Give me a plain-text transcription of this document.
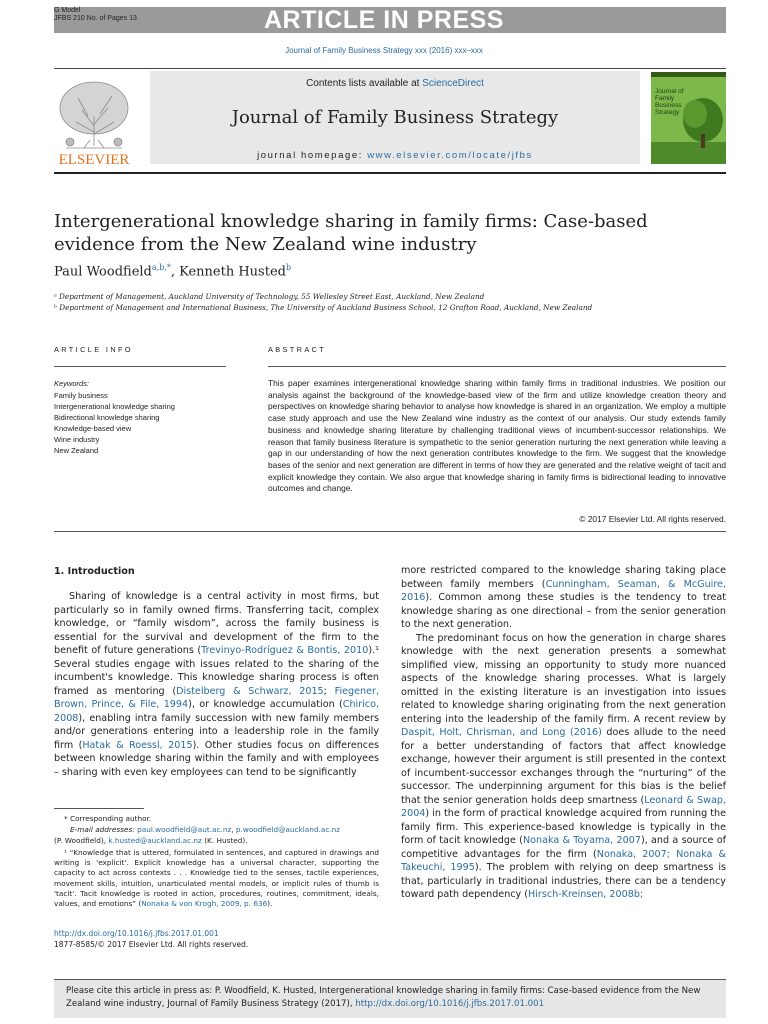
ARTICLE IN PRESS
G Model
JFBS 210 No. of Pages 13
Journal of Family Business Strategy xxx (2016) xxx–xxx
Contents lists available at ScienceDirect
Journal of Family Business Strategy
journal homepage: www.elsevier.com/locate/jfbs
ELSEVIER
Journal of Family Business Strategy
Intergenerational knowledge sharing in family firms: Case-based
evidence from the New Zealand wine industry
Paul Woodfield$^{a,b,*}$, Kenneth Husted$^b$
ᵃ Department of Management, Auckland University of Technology, 55 Wellesley Street East, Auckland, New Zealand
ᵇ Department of Management and International Business, The University of Auckland Business School, 12 Grafton Road, Auckland, New Zealand
ARTICLE INFO	ABSTRACT
Keywords:
Family business
Intergenerational knowledge sharing
Bidirectional knowledge sharing
Knowledge-based view
Wine industry
New Zealand
This paper examines intergenerational knowledge sharing within family firms in traditional industries. We position our analysis against the background of the knowledge-based view of the firm and utilize knowledge creation theory and perspectives on knowledge sharing behavior to analyse how knowledge is shared in an organization. We employ a multiple case study approach and use the New Zealand wine industry as the context of our analysis. Our study extends family business and knowledge sharing literature by challenging traditional views of incumbent-successor relationships. We reason that family business literature is sympathetic to the senior generation nurturing the next generation while leaving a gap in our understanding of how the next generation contributes knowledge to the firm. We suggest that the knowledge bases of the senior and next generation are different in terms of how they are generated and the relative weight of tacit and explicit knowledge they contain. We also argue that knowledge sharing in family firms is bidirectional leading to innovative outcomes and change.
© 2017 Elsevier Ltd. All rights reserved.
1. Introduction

Sharing of knowledge is a central activity in most firms, but particularly so in family owned firms. Transferring tacit, complex knowledge, or “family wisdom”, across the family business is essential for the survival and development of the firm to the benefit of future generations (Trevinyo-Rodríguez & Bontis, 2010).¹ Several studies engage with issues related to the sharing of the incumbent's knowledge. This knowledge sharing process is often framed as mentoring (Distelberg & Schwarz, 2015; Fiegener, Brown, Prince, & File, 1994), or knowledge accumulation (Chirico, 2008), enabling intra family succession with new family members and/or generations entering into a leadership role in the family firm (Hatak & Roessl, 2015). Other studies focus on differences between knowledge sharing within the family and with employees – sharing with even key employees can tend to be significantly

* Corresponding author.
E-mail addresses: paul.woodfield@aut.ac.nz, p.woodfield@auckland.ac.nz
(P. Woodfield), k.husted@auckland.ac.nz (K. Husted).
¹ “Knowledge that is uttered, formulated in sentences, and captured in drawings and writing is 'explicit'. Explicit knowledge has a universal character, supporting the capacity to act across contexts . . . Knowledge tied to the senses, tactile experiences, movement skills, intuition, unarticulated mental models, or implicit rules of thumb is 'tacit'. Tacit knowledge is rooted in action, procedures, routines, commitment, ideals, values, and emotions” (Nonaka & von Krogh, 2009, p. 636).
http://dx.doi.org/10.1016/j.jfbs.2017.01.001
1877-8585/© 2017 Elsevier Ltd. All rights reserved.

more restricted compared to the knowledge sharing taking place between family members (Cunningham, Seaman, & McGuire, 2016). Common among these studies is the tendency to treat knowledge sharing as one directional – from the senior generation to the next generation.

The predominant focus on how the generation in charge shares knowledge with the next generation presents a somewhat simplified view, missing an opportunity to study more nuanced aspects of the knowledge sharing processes. What is largely omitted in the existing literature is an investigation into issues related to knowledge sharing originating from the next generation entering into the leadership of the family firm. A recent review by Daspit, Holt, Chrisman, and Long (2016) does allude to the need for a better understanding of factors that affect knowledge exchange, however their argument is still presented in the context of incumbent-successor exchanges through the “nurturing” of the successor. The underpinning argument for this bias is the belief that the senior generation holds deep smartness (Leonard & Swap, 2004) in the form of practical knowledge acquired from running the family firm. This experience-based knowledge is typically in the form of tacit knowledge (Nonaka & Toyama, 2007), and a source of competitive advantages for the firm (Nonaka, 2007; Nonaka & Takeuchi, 1995). The problem with relying on deep smartness is that, particularly in traditional industries, there can be a tendency toward path dependency (Hirsch-Kreinsen, 2008b;

Please cite this article in press as: P. Woodfield, K. Husted, Intergenerational knowledge sharing in family firms: Case-based evidence from the New Zealand wine industry, Journal of Family Business Strategy (2017), http://dx.doi.org/10.1016/j.jfbs.2017.01.001
